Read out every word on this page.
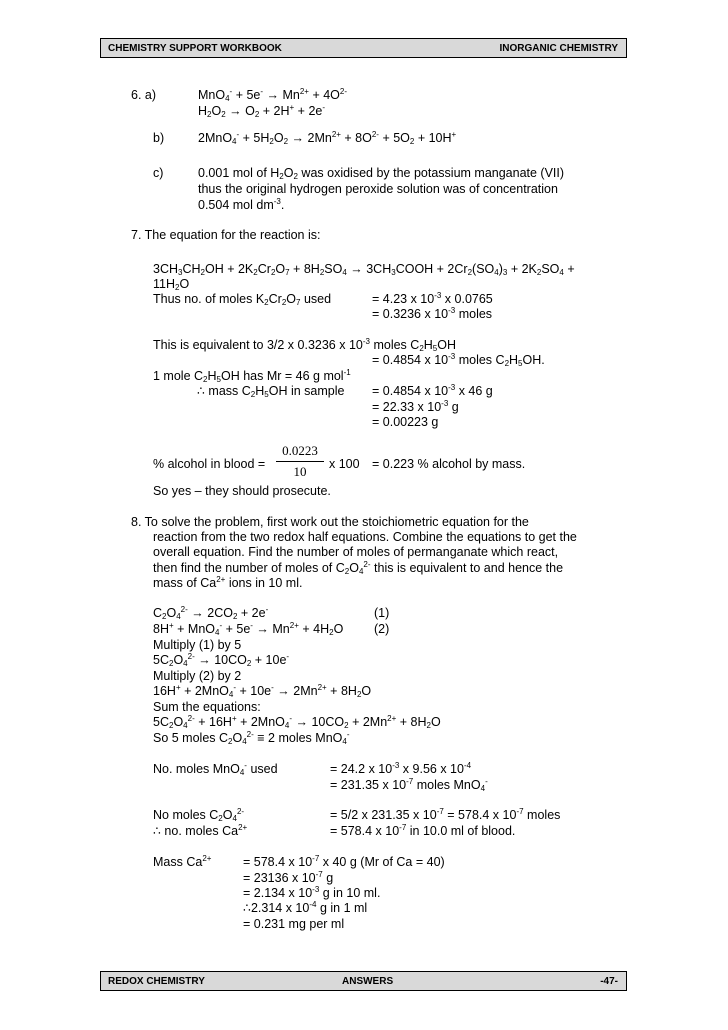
CHEMISTRY SUPPORT WORKBOOK	INORGANIC CHEMISTRY
6. a)	$MnO_4^- + 5e^- \to Mn^{2+} + 4O^{2-}$
$H_2O_2 \to O_2 + 2H^+ + 2e^-$
b)	$2MnO_4^- + 5H_2O_2 \to 2Mn^{2+} + 8O^{2-} + 5O_2 + 10H^+$
c)	0.001 mol of $H_2O_2$ was oxidised by the potassium manganate (VII)
thus the original hydrogen peroxide solution was of concentration
0.504 mol $dm^{-3}$.
7. The equation for the reaction is:
$3CH_3CH_2OH + 2K_2Cr_2O_7 + 8H_2SO_4$ → $3CH_3COOH + 2Cr_2(SO_4)_3 + 2K_2SO_4$ +
$11H_2O$
Thus no. of moles $K_2Cr_2O_7$ used	= 4.23 x $10^{-3}$ x 0.0765
= 0.3236 x $10^{-3}$ moles
This is equivalent to 3/2 x 0.3236 x $10^{-3}$ moles $C_2H_5OH$
= 0.4854 x $10^{-3}$ moles $C_2H_5OH$.
1 mole $C_2H_5OH$ has Mr = 46 g mol$^{-1}$
∴ mass $C_2H_5OH$ in sample = 0.4854 x $10^{-3}$ x 46 g
= 22.33 x $10^{-3}$ g
= 0.00223 g
0.0223
10
% alcohol in blood =	x 100 = 0.223 % alcohol by mass.
So yes – they should prosecute.
8. To solve the problem, first work out the stoichiometric equation for the
reaction from the two redox half equations. Combine the equations to get the
overall equation. Find the number of moles of permanganate which react,
then find the number of moles of $C_2O_4^{2-}$ this is equivalent to and hence the
mass of $Ca^{2+}$ ions in 10 ml.
$C_2O_4^{2-} \to 2CO_2 + 2e^-$	(1)
$8H^+ + MnO_4^- + 5e^- \to Mn^{2+} + 4H_2O$ (2)
Multiply (1) by 5
$5C_2O_4^{2-} \to 10CO_2 + 10e^-$
Multiply (2) by 2
$16H^+ + 2MnO_4^- + 10e^- \to 2Mn^{2+} + 8H_2O$
Sum the equations:
$5C_2O_4^{2-} + 16H^+ + 2MnO_4^- \to 10CO_2 + 2Mn^{2+} + 8H_2O$
So 5 moles $C_2O_4^{2-} \equiv 2$ moles MnO$_4$-
No. moles MnO$_4$- used	= 24.2 x $10^{-3}$ x 9.56 x $10^{-4}$
= 231.35 x $10^{-7}$ moles MnO$_4$-
No moles $C_2O_4^{2-}$	= 5/2 x 231.35 x $10^{-7} = 578.4$ x $10^{-7}$ moles
∴ no. moles $Ca^{2+}$	= 578.4 x $10^{-7}$ in 10.0 ml of blood.
Mass $Ca^{2+}$	= 578.4 x $10^{-7}$ x 40 g (Mr of Ca = 40)
= 23136 x $10^{-7}$ g
= 2.134 x $10^{-3}$ g in 10 ml.
∴2.314 x $10^{-4}$ g in 1 ml
= 0.231 mg per ml
REDOX CHEMISTRY	ANSWERS	-47-
